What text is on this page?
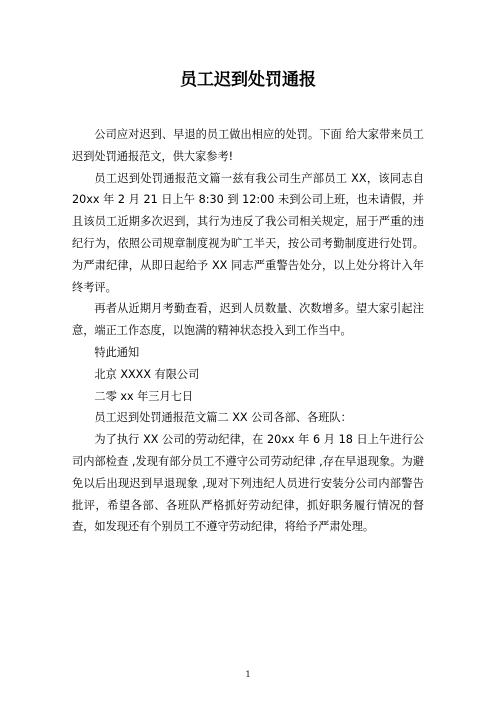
员工迟到处罚通报

公司应对迟到、早退的员工做出相应的处罚。下面 给大家带来员工迟到处罚通报范文，供大家参考!

员工迟到处罚通报范文篇一兹有我公司生产部员工 XX，该同志自 20xx 年 2 月 21 日上午 8:30 到 12:00 未到公司上班，也未请假，并且该员工近期多次迟到，其行为违反了我公司相关规定，屈于严重的违纪行为，依照公司规章制度视为旷工半天，按公司考勤制度进行处罚。为严肃纪律，从即日起给予 XX 同志严重警告处分，以上处分将计入年终考评。

再者从近期月考勤查看，迟到人员数量、次数增多。望大家引起注意，端正工作态度，以饱满的精神状态投入到工作当中。

特此通知

北京 XXXX 有限公司

二零 xx 年三月七日

员工迟到处罚通报范文篇二 XX 公司各部、各班队：

为了执行 XX 公司的劳动纪律，在 20xx 年 6 月 18 日上午进行公司内部检查 ,发现有部分员工不遵守公司劳动纪律 ,存在早退现象。为避免以后出现迟到早退现象 ,现对下列违纪人员进行安装分公司内部警告批评，希望各部、各班队严格抓好劳动纪律，抓好职务履行情况的督查，如发现还有个别员工不遵守劳动纪律，将给予严肃处理。

1
